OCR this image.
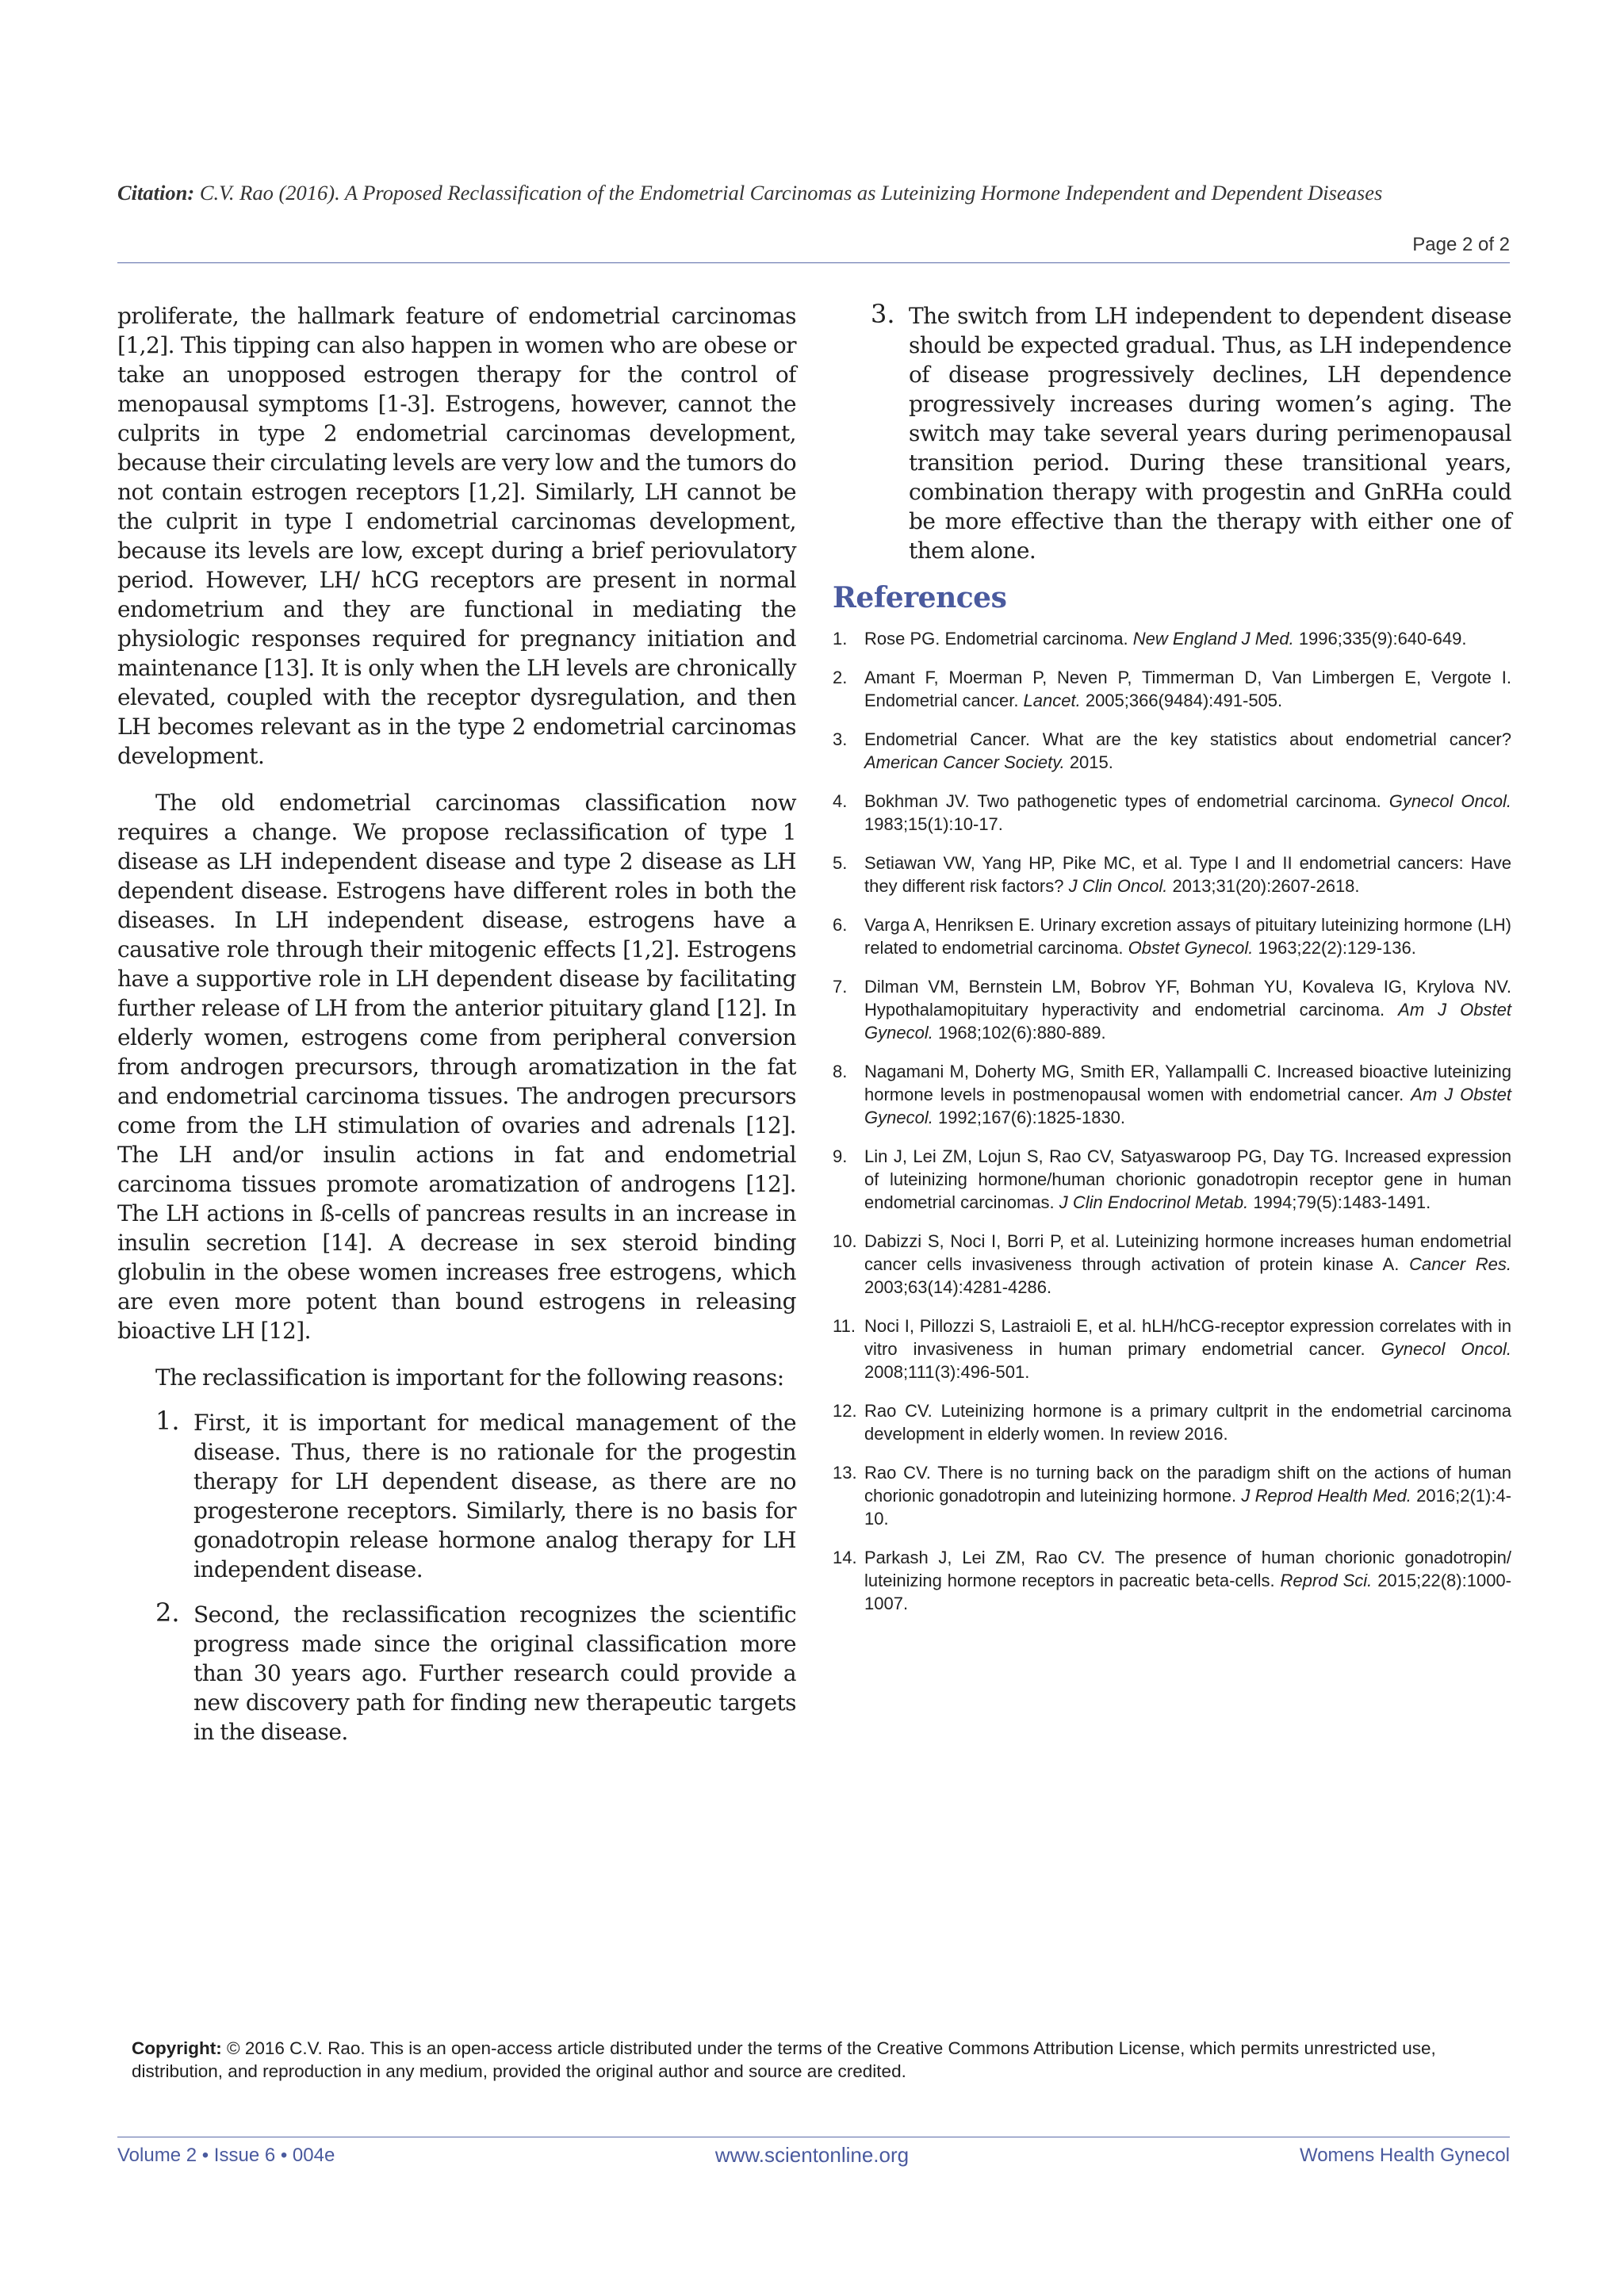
Citation: C.V. Rao (2016). A Proposed Reclassification of the Endometrial Carcinomas as Luteinizing Hormone Independent and Dependent Diseases
Page 2 of 2

proliferate, the hallmark feature of endometrial carcinomas [1,2]. This tipping can also happen in women who are obese or take an unopposed estrogen therapy for the control of menopausal symptoms [1-3]. Estrogens, however, cannot the culprits in type 2 endometrial carcinomas development, because their circulating levels are very low and the tumors do not contain estrogen receptors [1,2]. Similarly, LH cannot be the culprit in type I endometrial carcinomas development, because its levels are low, except during a brief periovulatory period. However, LH/ hCG receptors are present in normal endometrium and they are functional in mediating the physiologic responses required for pregnancy initiation and maintenance [13]. It is only when the LH levels are chronically elevated, coupled with the receptor dysregulation, and then LH becomes relevant as in the type 2 endometrial carcinomas development.

The old endometrial carcinomas classification now requires a change. We propose reclassification of type 1 disease as LH independent disease and type 2 disease as LH dependent disease. Estrogens have different roles in both the diseases. In LH independent disease, estrogens have a causative role through their mitogenic effects [1,2]. Estrogens have a supportive role in LH dependent disease by facilitating further release of LH from the anterior pituitary gland [12]. In elderly women, estrogens come from peripheral conversion from androgen precursors, through aromatization in the fat and endometrial carcinoma tissues. The androgen precursors come from the LH stimulation of ovaries and adrenals [12]. The LH and/or insulin actions in fat and endometrial carcinoma tissues promote aromatization of androgens [12]. The LH actions in ß-cells of pancreas results in an increase in insulin secretion [14]. A decrease in sex steroid binding globulin in the obese women increases free estrogens, which are even more potent than bound estrogens in releasing bioactive LH [12].

The reclassification is important for the following reasons:

1. First, it is important for medical management of the disease. Thus, there is no rationale for the progestin therapy for LH dependent disease, as there are no progesterone receptors. Similarly, there is no basis for gonadotropin release hormone analog therapy for LH independent disease.

2. Second, the reclassification recognizes the scientific progress made since the original classification more than 30 years ago. Further research could provide a new discovery path for finding new therapeutic targets in the disease.

3. The switch from LH independent to dependent disease should be expected gradual. Thus, as LH independence of disease progressively declines, LH dependence progressively increases during women’s aging. The switch may take several years during perimenopausal transition period. During these transitional years, combination therapy with progestin and GnRHa could be more effective than the therapy with either one of them alone.

References
1. Rose PG. Endometrial carcinoma. New England J Med. 1996;335(9):640-649.
2. Amant F, Moerman P, Neven P, Timmerman D, Van Limbergen E, Vergote I. Endometrial cancer. Lancet. 2005;366(9484):491-505.
3. Endometrial Cancer. What are the key statistics about endometrial cancer? American Cancer Society. 2015.
4. Bokhman JV. Two pathogenetic types of endometrial carcinoma. Gynecol Oncol. 1983;15(1):10-17.
5. Setiawan VW, Yang HP, Pike MC, et al. Type I and II endometrial cancers: Have they different risk factors? J Clin Oncol. 2013;31(20):2607-2618.
6. Varga A, Henriksen E. Urinary excretion assays of pituitary luteinizing hormone (LH) related to endometrial carcinoma. Obstet Gynecol. 1963;22(2):129-136.
7. Dilman VM, Bernstein LM, Bobrov YF, Bohman YU, Kovaleva IG, Krylova NV. Hypothalamopituitary hyperactivity and endometrial carcinoma. Am J Obstet Gynecol. 1968;102(6):880-889.
8. Nagamani M, Doherty MG, Smith ER, Yallampalli C. Increased bioactive luteinizing hormone levels in postmenopausal women with endometrial cancer. Am J Obstet Gynecol. 1992;167(6):1825-1830.
9. Lin J, Lei ZM, Lojun S, Rao CV, Satyaswaroop PG, Day TG. Increased expression of luteinizing hormone/human chorionic gonadotropin receptor gene in human endometrial carcinomas. J Clin Endocrinol Metab. 1994;79(5):1483-1491.
10. Dabizzi S, Noci I, Borri P, et al. Luteinizing hormone increases human endometrial cancer cells invasiveness through activation of protein kinase A. Cancer Res. 2003;63(14):4281-4286.
11. Noci I, Pillozzi S, Lastraioli E, et al. hLH/hCG-receptor expression correlates with in vitro invasiveness in human primary endometrial cancer. Gynecol Oncol. 2008;111(3):496-501.
12. Rao CV. Luteinizing hormone is a primary cultprit in the endometrial carcinoma development in elderly women. In review 2016.
13. Rao CV. There is no turning back on the paradigm shift on the actions of human chorionic gonadotropin and luteinizing hormone. J Reprod Health Med. 2016;2(1):4-10.
14. Parkash J, Lei ZM, Rao CV. The presence of human chorionic gonadotropin/ luteinizing hormone receptors in pacreatic beta-cells. Reprod Sci. 2015;22(8):1000-1007.
Copyright: © 2016 C.V. Rao. This is an open-access article distributed under the terms of the Creative Commons Attribution License, which permits unrestricted use, distribution, and reproduction in any medium, provided the original author and source are credited.
Volume 2 • Issue 6 • 004e	www.scientonline.org	Womens Health Gynecol
